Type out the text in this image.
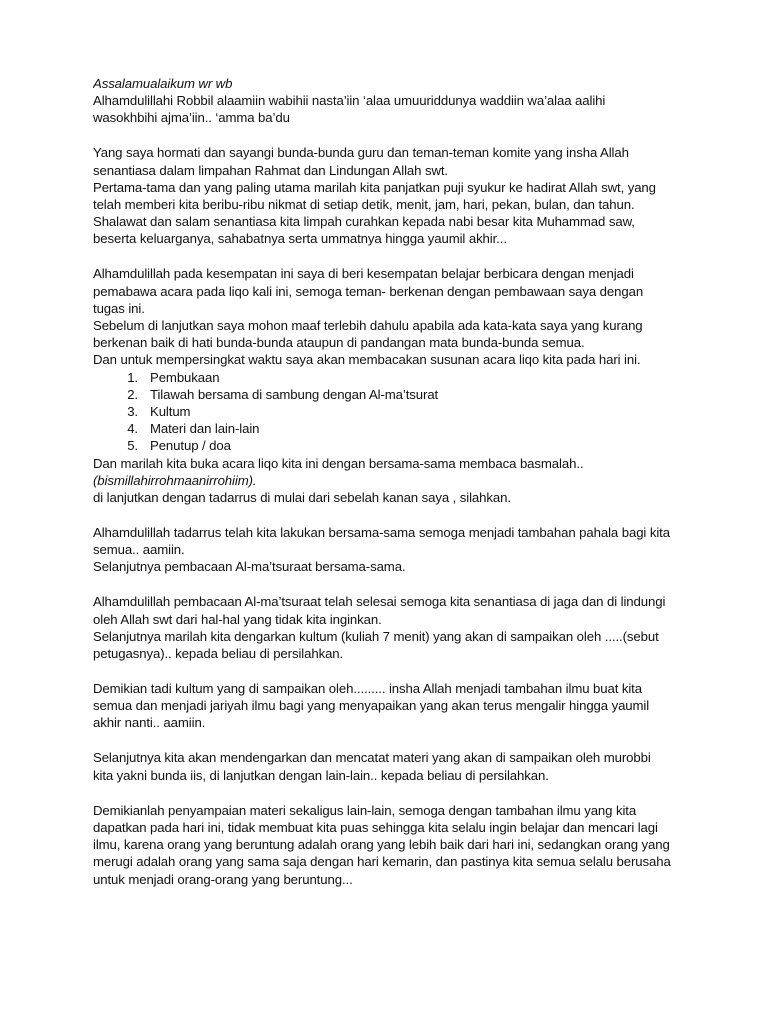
Assalamualaikum wr wb
Alhamdulillahi Robbil alaamiin wabihii nasta’iin ‘alaa umuuriddunya waddiin wa’alaa aalihi
wasokhbihi ajma’iin.. ‘amma ba’du
Yang saya hormati dan sayangi bunda-bunda guru dan teman-teman komite yang insha Allah
senantiasa dalam limpahan Rahmat dan Lindungan Allah swt.
Pertama-tama dan yang paling utama marilah kita panjatkan puji syukur ke hadirat Allah swt, yang
telah memberi kita beribu-ribu nikmat di setiap detik, menit, jam, hari, pekan, bulan, dan tahun.
Shalawat dan salam senantiasa kita limpah curahkan kepada nabi besar kita Muhammad saw,
beserta keluarganya, sahabatnya serta ummatnya hingga yaumil akhir...
Alhamdulillah pada kesempatan ini saya di beri kesempatan belajar berbicara dengan menjadi
pemabawa acara pada liqo kali ini, semoga teman- berkenan dengan pembawaan saya dengan
tugas ini.
Sebelum di lanjutkan saya mohon maaf terlebih dahulu apabila ada kata-kata saya yang kurang
berkenan baik di hati bunda-bunda ataupun di pandangan mata bunda-bunda semua.
Dan untuk mempersingkat waktu saya akan membacakan susunan acara liqo kita pada hari ini.
1. Pembukaan
2. Tilawah bersama di sambung dengan Al-ma’tsurat
3. Kultum
4. Materi dan lain-lain
5. Penutup / doa
Dan marilah kita buka acara liqo kita ini dengan bersama-sama membaca basmalah..
(bismillahirrohmaanirrohiim).
di lanjutkan dengan tadarrus di mulai dari sebelah kanan saya , silahkan.
Alhamdulillah tadarrus telah kita lakukan bersama-sama semoga menjadi tambahan pahala bagi kita
semua.. aamiin.
Selanjutnya pembacaan Al-ma’tsuraat bersama-sama.
Alhamdulillah pembacaan Al-ma’tsuraat telah selesai semoga kita senantiasa di jaga dan di lindungi
oleh Allah swt dari hal-hal yang tidak kita inginkan.
Selanjutnya marilah kita dengarkan kultum (kuliah 7 menit) yang akan di sampaikan oleh .....(sebut
petugasnya).. kepada beliau di persilahkan.
Demikian tadi kultum yang di sampaikan oleh......... insha Allah menjadi tambahan ilmu buat kita
semua dan menjadi jariyah ilmu bagi yang menyapaikan yang akan terus mengalir hingga yaumil
akhir nanti.. aamiin.
Selanjutnya kita akan mendengarkan dan mencatat materi yang akan di sampaikan oleh murobbi
kita yakni bunda iis, di lanjutkan dengan lain-lain.. kepada beliau di persilahkan.
Demikianlah penyampaian materi sekaligus lain-lain, semoga dengan tambahan ilmu yang kita
dapatkan pada hari ini, tidak membuat kita puas sehingga kita selalu ingin belajar dan mencari lagi
ilmu, karena orang yang beruntung adalah orang yang lebih baik dari hari ini, sedangkan orang yang
merugi adalah orang yang sama saja dengan hari kemarin, dan pastinya kita semua selalu berusaha
untuk menjadi orang-orang yang beruntung...
